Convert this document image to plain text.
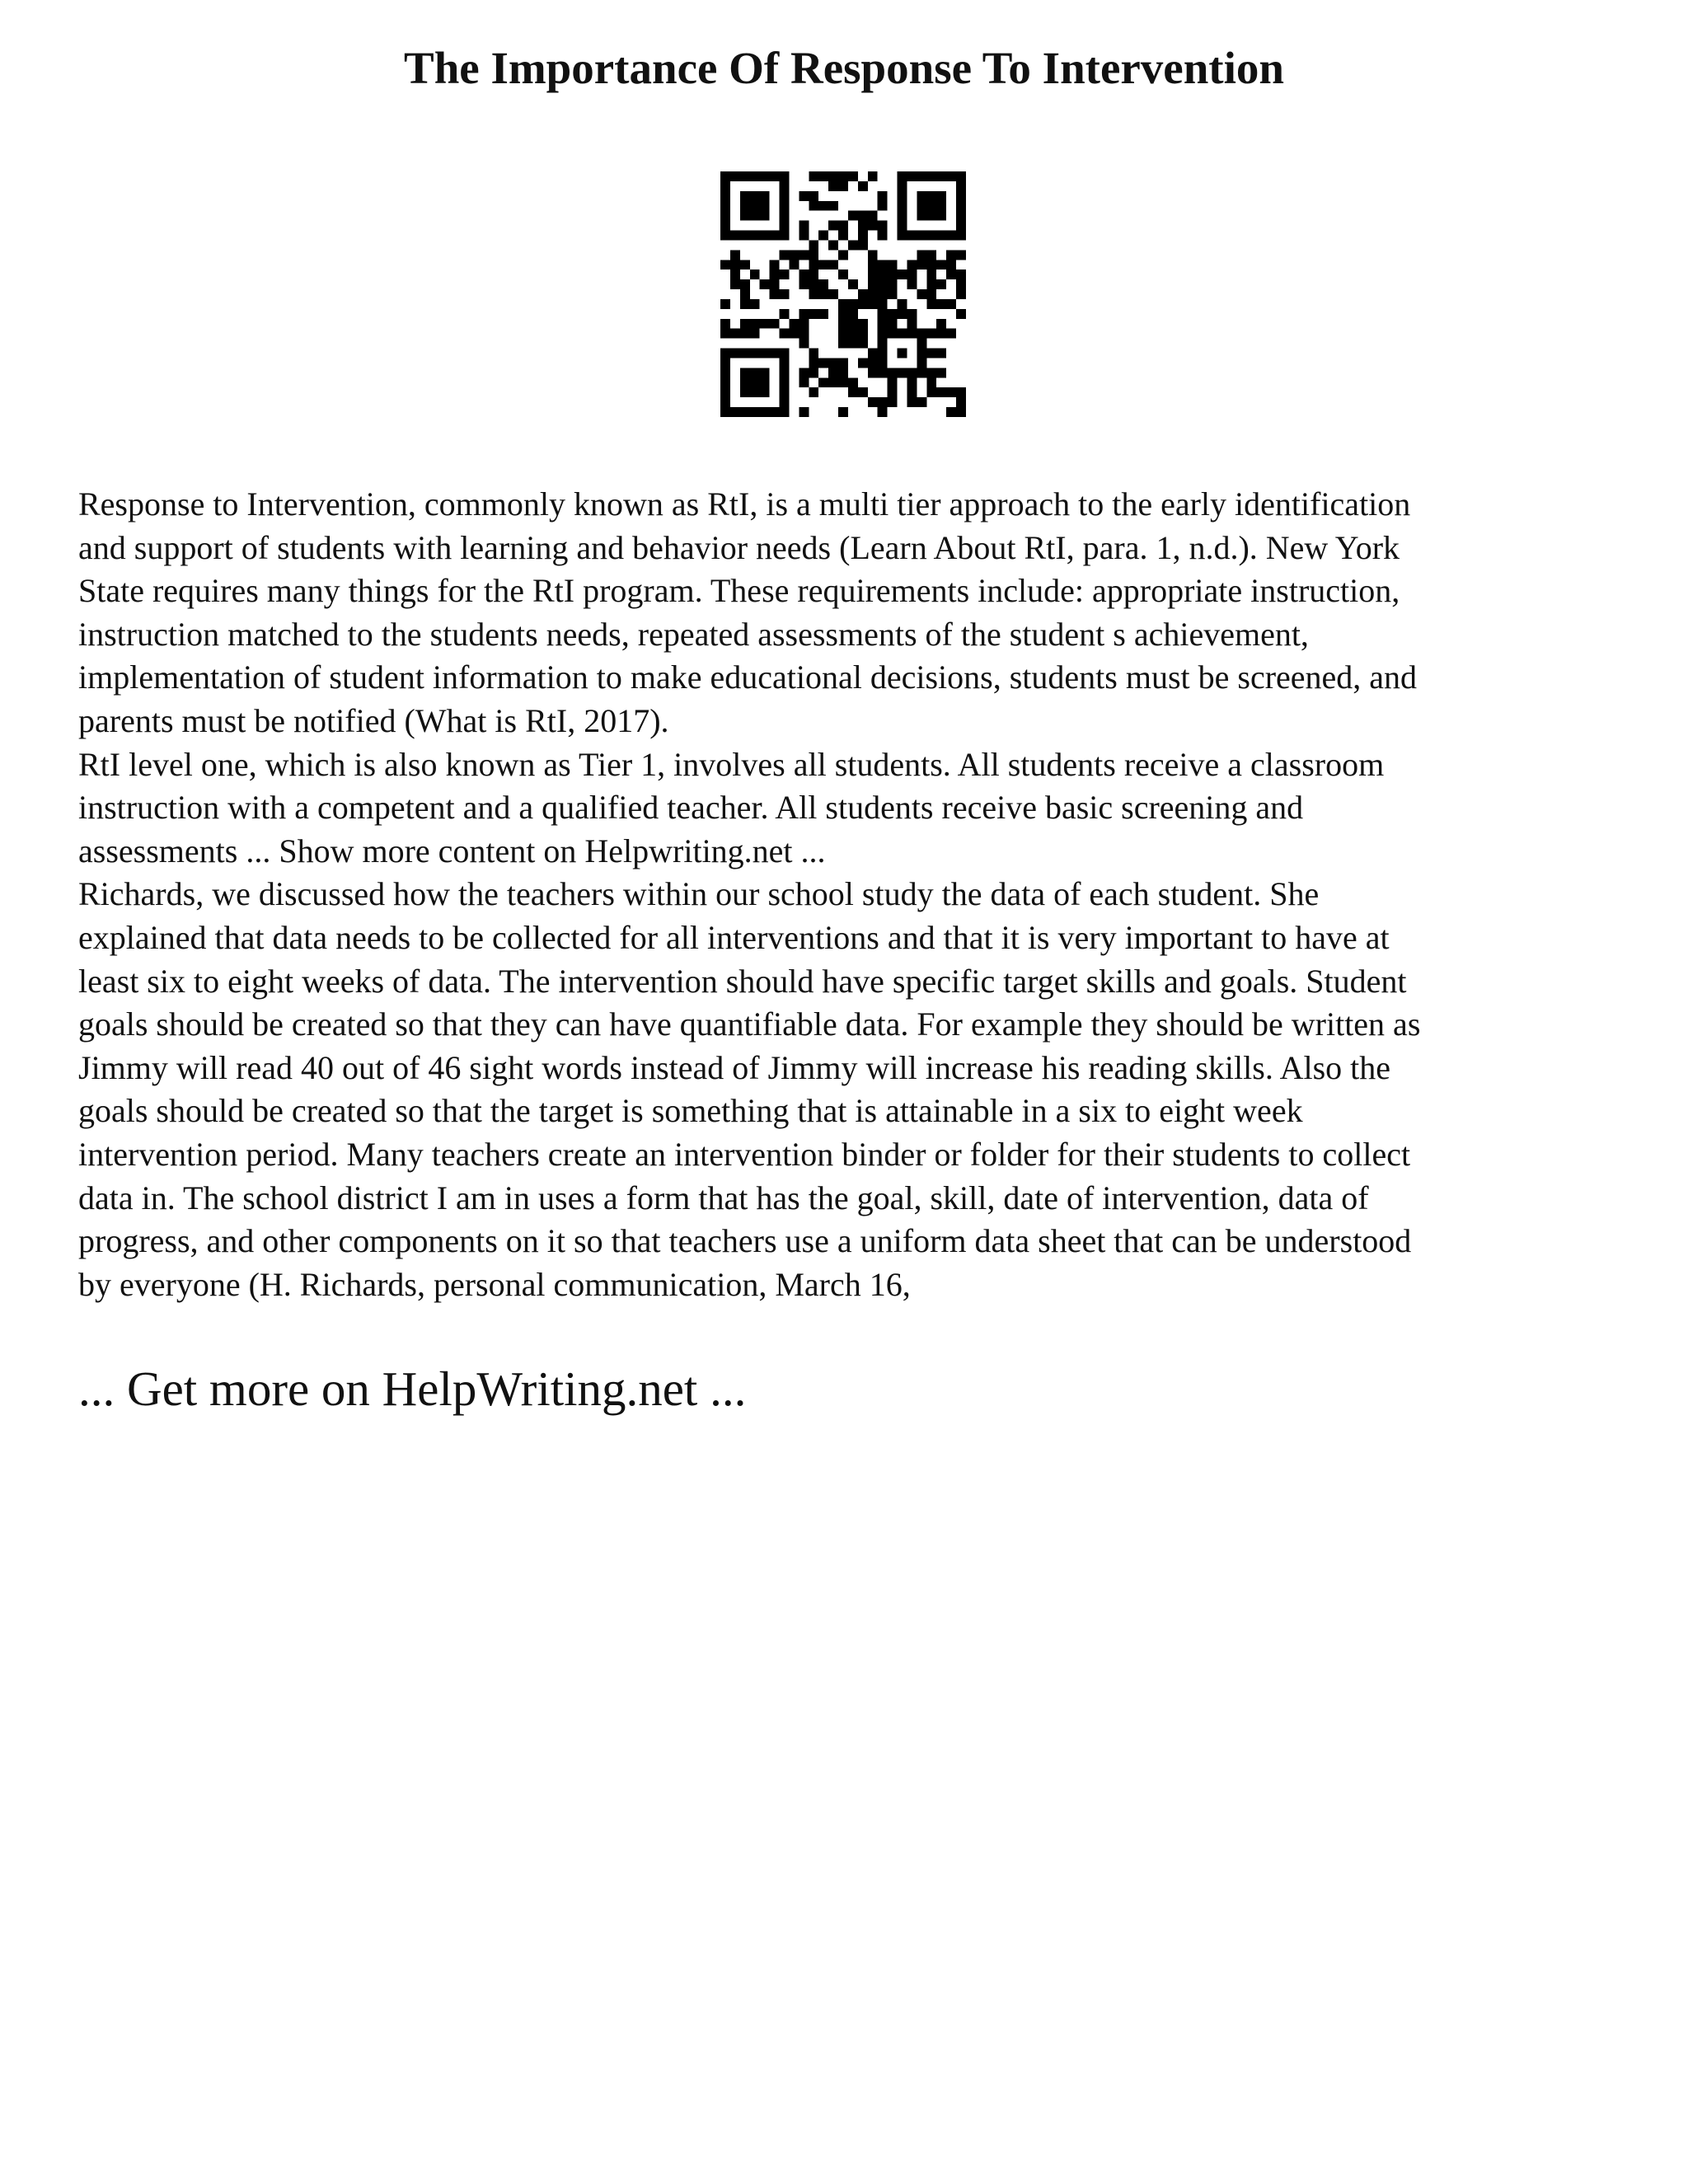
The Importance Of Response To Intervention

Response to Intervention, commonly known as RtI, is a multi tier approach to the early identification
and support of students with learning and behavior needs (Learn About RtI, para. 1, n.d.). New York
State requires many things for the RtI program. These requirements include: appropriate instruction,
instruction matched to the students needs, repeated assessments of the student s achievement,
implementation of student information to make educational decisions, students must be screened, and
parents must be notified (What is RtI, 2017).

RtI level one, which is also known as Tier 1, involves all students. All students receive a classroom
instruction with a competent and a qualified teacher. All students receive basic screening and
assessments ... Show more content on Helpwriting.net ...

Richards, we discussed how the teachers within our school study the data of each student. She
explained that data needs to be collected for all interventions and that it is very important to have at
least six to eight weeks of data. The intervention should have specific target skills and goals. Student
goals should be created so that they can have quantifiable data. For example they should be written as
Jimmy will read 40 out of 46 sight words instead of Jimmy will increase his reading skills. Also the
goals should be created so that the target is something that is attainable in a six to eight week
intervention period. Many teachers create an intervention binder or folder for their students to collect
data in. The school district I am in uses a form that has the goal, skill, date of intervention, data of
progress, and other components on it so that teachers use a uniform data sheet that can be understood
by everyone (H. Richards, personal communication, March 16,

... Get more on HelpWriting.net ...
